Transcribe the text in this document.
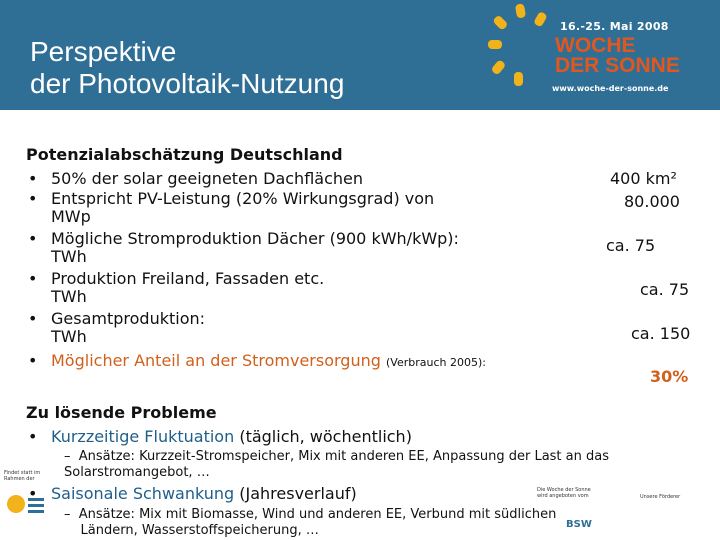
Perspektive
der Photovoltaik-Nutzung
16.-25. Mai 2008
WOCHE
DER SONNE
www.woche-der-sonne.de
Potenzialabschätzung Deutschland
• 50% der solar geeigneten Dachflächen
• Entspricht PV-Leistung (20% Wirkungsgrad) von
MWp
• Mögliche Stromproduktion Dächer (900 kWh/kWp):
TWh
• Produktion Freiland, Fassaden etc.
TWh
• Gesamtproduktion:
TWh
• Möglicher Anteil an der Stromversorgung (Verbrauch 2005):
400 km²
80.000
ca. 75
ca. 75
ca. 150
30%
Zu lösende Probleme
• Kurzzeitige Fluktuation (täglich, wöchentlich)
–  Ansätze: Kurzzeit-Stromspeicher, Mix mit anderen EE, Anpassung der Last an das Solarstromangebot, …
• Saisonale Schwankung (Jahresverlauf)
–  Ansätze: Mix mit Biomasse, Wind und anderen EE, Verbund mit südlichen
Ländern, Wasserstoffspeicherung, …
Findet statt im Rahmen der
Die Woche der Sonne wird angeboten vom	Unsere Förderer
BSW
